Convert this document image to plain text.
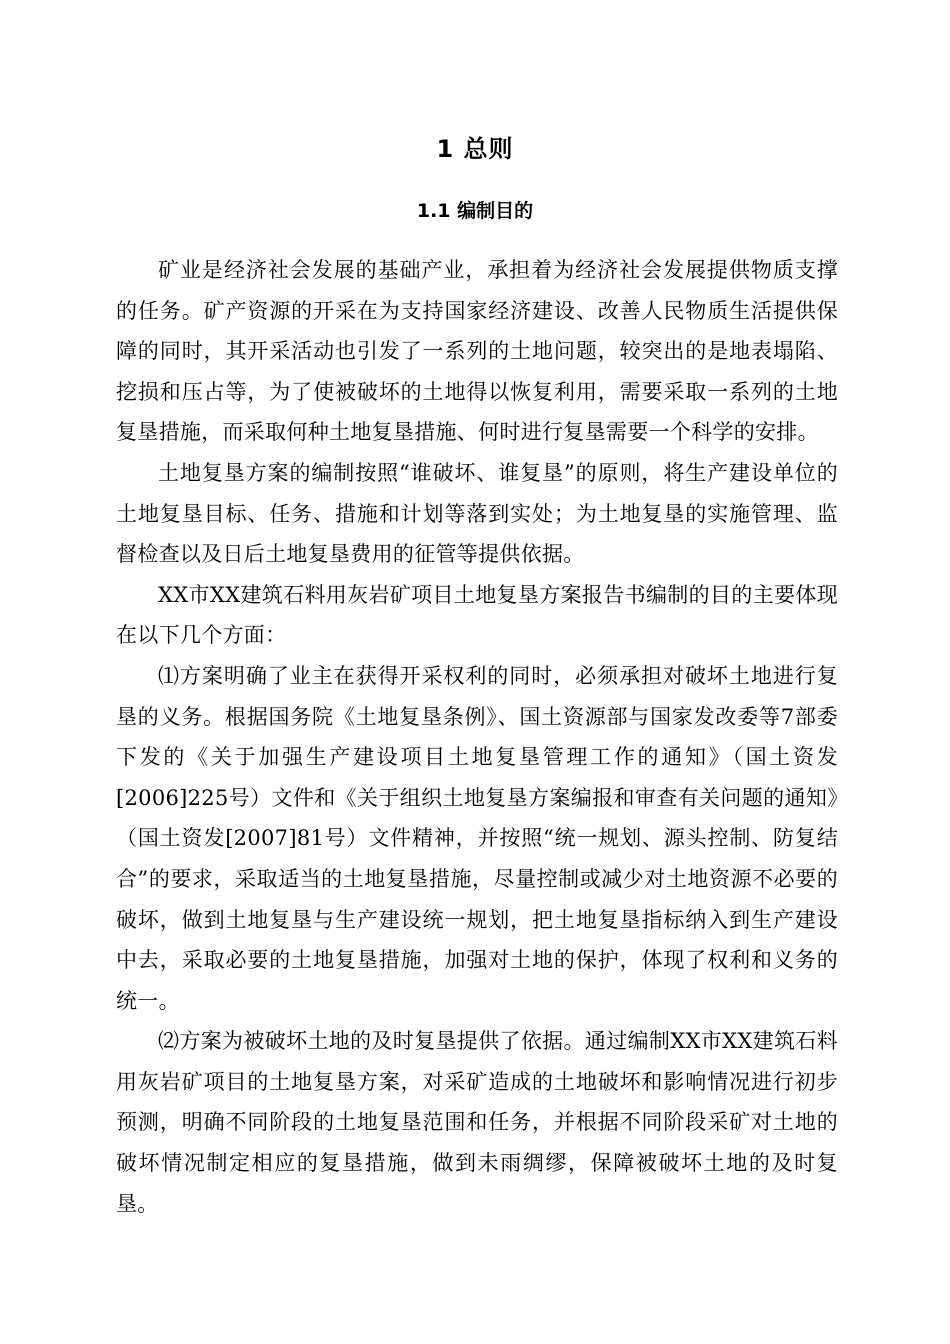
1 总则
1.1 编制目的

矿业是经济社会发展的基础产业，承担着为经济社会发展提供物质支撑的任务。矿产资源的开采在为支持国家经济建设、改善人民物质生活提供保障的同时，其开采活动也引发了一系列的土地问题，较突出的是地表塌陷、挖损和压占等，为了使被破坏的土地得以恢复利用，需要采取一系列的土地复垦措施，而采取何种土地复垦措施、何时进行复垦需要一个科学的安排。

土地复垦方案的编制按照“谁破坏、谁复垦”的原则，将生产建设单位的土地复垦目标、任务、措施和计划等落到实处；为土地复垦的实施管理、监督检查以及日后土地复垦费用的征管等提供依据。

XX市XX建筑石料用灰岩矿项目土地复垦方案报告书编制的目的主要体现在以下几个方面：

⑴方案明确了业主在获得开采权利的同时，必须承担对破坏土地进行复垦的义务。根据国务院《土地复垦条例》、国土资源部与国家发改委等7部委下发的《关于加强生产建设项目土地复垦管理工作的通知》（国土资发[2006]225号）文件和《关于组织土地复垦方案编报和审查有关问题的通知》（国土资发[2007]81号）文件精神，并按照“统一规划、源头控制、防复结合”的要求，采取适当的土地复垦措施，尽量控制或减少对土地资源不必要的破坏，做到土地复垦与生产建设统一规划，把土地复垦指标纳入到生产建设中去，采取必要的土地复垦措施，加强对土地的保护，体现了权利和义务的统一。

⑵方案为被破坏土地的及时复垦提供了依据。通过编制XX市XX建筑石料用灰岩矿项目的土地复垦方案，对采矿造成的土地破坏和影响情况进行初步预测，明确不同阶段的土地复垦范围和任务，并根据不同阶段采矿对土地的破坏情况制定相应的复垦措施，做到未雨绸缪，保障被破坏土地的及时复垦。
